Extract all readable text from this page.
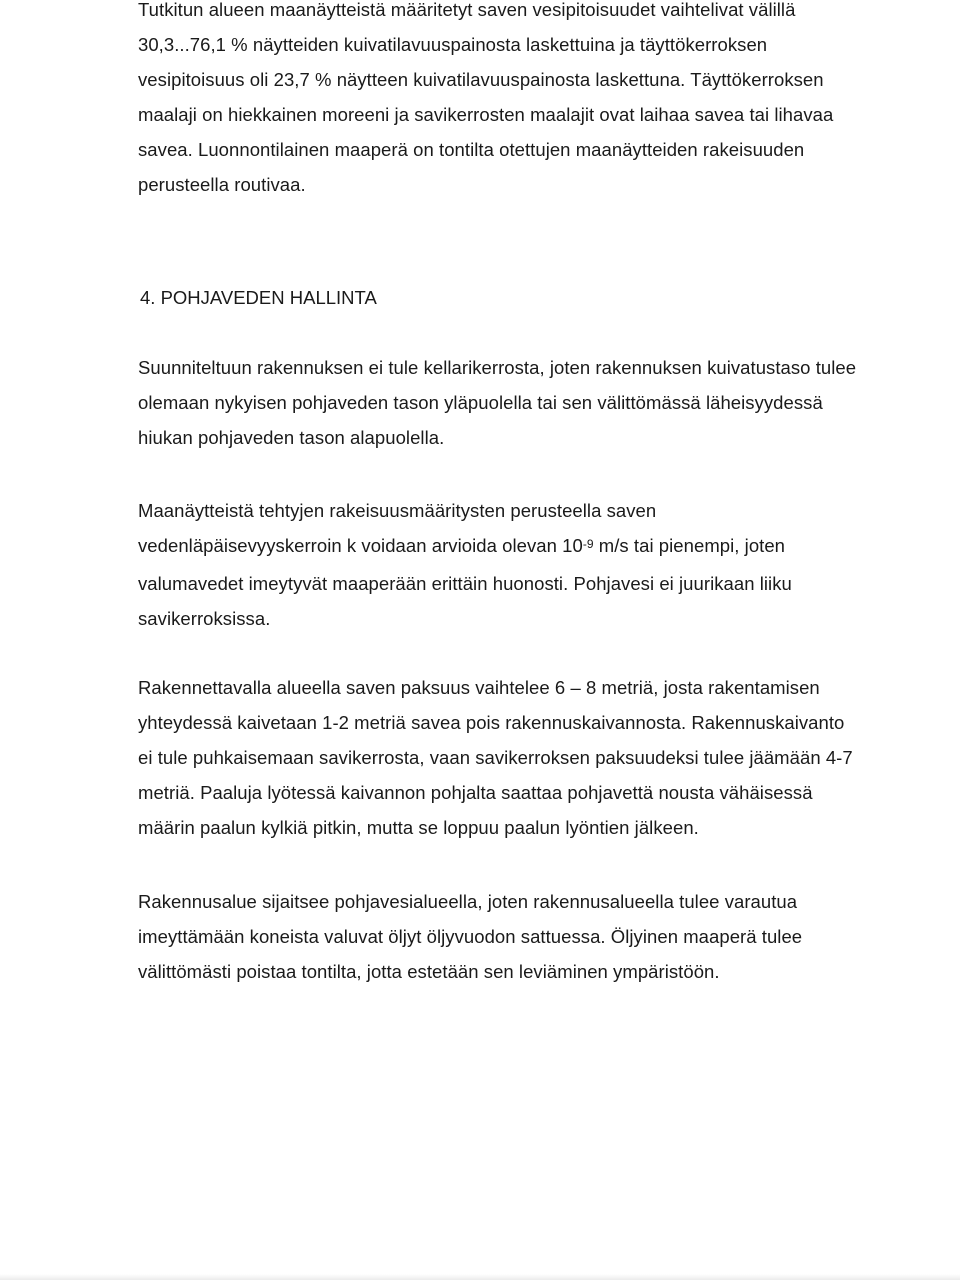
Tutkitun alueen maanäytteistä määritetyt saven vesipitoisuudet vaihtelivat välillä
30,3...76,1 % näytteiden kuivatilavuuspainosta laskettuina ja täyttökerroksen
vesipitoisuus oli 23,7 % näytteen kuivatilavuuspainosta laskettuna. Täyttökerroksen
maalaji on hiekkainen moreeni ja savikerrosten maalajit ovat laihaa savea tai lihavaa
savea. Luonnontilainen maaperä on tontilta otettujen maanäytteiden rakeisuuden
perusteella routivaa.

4. POHJAVEDEN HALLINTA

Suunniteltuun rakennuksen ei tule kellarikerrosta, joten rakennuksen kuivatustaso tulee
olemaan nykyisen pohjaveden tason yläpuolella tai sen välittömässä läheisyydessä
hiukan pohjaveden tason alapuolella.

Maanäytteistä tehtyjen rakeisuusmääritysten perusteella saven
vedenläpäisevyyskerroin k voidaan arvioida olevan $10^{-9}$ m/s tai pienempi, joten
valumavedet imeytyvät maaperään erittäin huonosti. Pohjavesi ei juurikaan liiku
savikerroksissa.

Rakennettavalla alueella saven paksuus vaihtelee 6 – 8 metriä, josta rakentamisen
yhteydessä kaivetaan 1-2 metriä savea pois rakennuskaivannosta. Rakennuskaivanto
ei tule puhkaisemaan savikerrosta, vaan savikerroksen paksuudeksi tulee jäämään 4-7
metriä. Paaluja lyötessä kaivannon pohjalta saattaa pohjavettä nousta vähäisessä
määrin paalun kylkiä pitkin, mutta se loppuu paalun lyöntien jälkeen.

Rakennusalue sijaitsee pohjavesialueella, joten rakennusalueella tulee varautua
imeyttämään koneista valuvat öljyt öljyvuodon sattuessa. Öljyinen maaperä tulee
välittömästi poistaa tontilta, jotta estetään sen leviäminen ympäristöön.
